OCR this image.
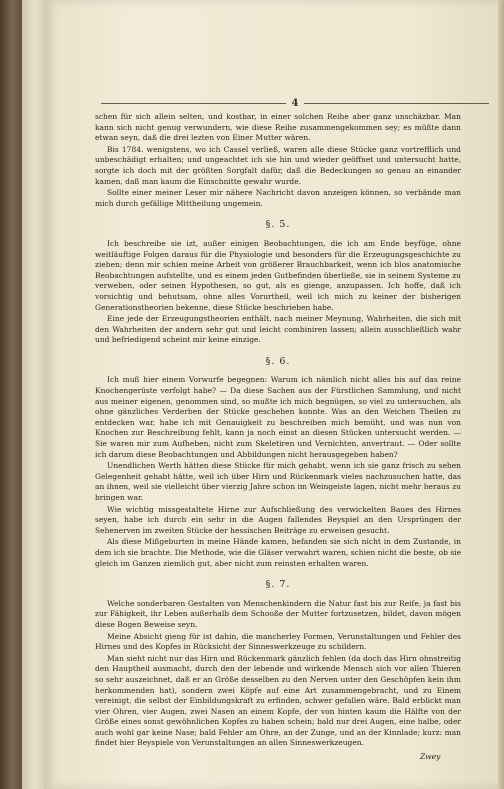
4

schen für sich allein selten, und kostbar, in einer solchen Reihe aber ganz unschäzbar. Man kann sich nicht genug verwundern, wie diese Reihe zusammengekommen sey; es müßte dann etwan seyn, daß die drei lezten von Einer Mutter wären.

Bis 1784. wenigstens, wo ich Cassel verließ, waren alle diese Stücke ganz vortrefflich und unbeschädigt erhalten; und ungeachtet ich sie hin und wieder geöffnet und untersucht hatte, sorgte ich doch mit der größten Sorgfalt dafür, daß die Bedeckungen so genau an einander kamen, daß man kaum die Einschnitte gewahr wurde.

Sollte einer meiner Leser mir nähere Nachricht davon anzeigen können, so verbände man mich durch gefällige Mittheilung ungemein.

§. 5.

Ich beschreibe sie izt, außer einigen Beobachtungen, die ich am Ende beyfüge, ohne weitläuftige Folgen daraus für die Physiologie und besonders für die Erzeugungsgeschichte zu ziehen; denn mir schien meine Arbeit von größerer Brauchbarkeit, wenn ich blos anatomische Beobachtungen aufstellte, und es einem jeden Gutbefinden überließe, sie in seinem Systeme zu verweben, oder seinen Hypothesen, so gut, als es gienge, anzupassen. Ich hoffe, daß ich vorsichtig und behutsam, ohne alles Vorurtheil, weil ich mich zu keiner der bisherigen Generationstheorien bekenne, diese Stücke beschrieben habe.

Eine jede der Erzeugungstheorien enthält, nach meiner Meynung, Wahrheiten, die sich mit den Wahrheiten der andern sehr gut und leicht combiniren lassen; allein ausschließlich wahr und befriedigend scheint mir keine einzige.

§. 6.

Ich muß hier einem Vorwurfe begegnen: Warum ich nämlich nicht alles bis auf das reine Knochengerüste verfolgt habe? — Da diese Sachen aus der Fürstlichen Sammlung, und nicht aus meiner eigenen, genommen sind, so mußte ich mich begnügen, so viel zu untersuchen, als ohne gänzliches Verderben der Stücke geschehen konnte. Was an den Weichen Theilen zu entdecken war, habe ich mit Genauigkeit zu beschreiben mich bemüht, und was nun von Knochen zur Beschreibung fehlt, kann ja noch einst an diesen Stücken untersucht werden. — Sie waren mir zum Aufheben, nicht zum Skeletiren und Vernichten, anvertraut. — Oder sollte ich darum diese Beobachtungen und Abbildungen nicht herausgegeben haben?

Unendlichen Werth hätten diese Stücke für mich gehabt, wenn ich sie ganz frisch zu sehen Gelegenheit gehabt hätte, weil ich über Hirn und Rückenmark vieles nachzusuchen hatte, das an ihnen, weil sie vielleicht über vierzig Jahre schon im Weingeiste lagen, nicht mehr heraus zu bringen war.

Wie wichtig missgestaltete Hirne zur Aufschließung des verwickelten Baues des Hirnes seyen, habe ich durch ein sehr in die Augen fallendes Beyspiel an den Ursprüngen der Sehenerven im zweiten Stücke der hessischen Beiträge zu erweisen gesucht.

Als diese Mißgeburten in meine Hände kamen, befanden sie sich nicht in dem Zustande, in dem ich sie brachte. Die Methode, wie die Gläser verwahrt waren, schien nicht die beste, ob sie gleich im Ganzen ziemlich gut, aber nicht zum reinsten erhalten waren.

§. 7.

Welche sonderbaren Gestalten von Menschenkindern die Natur fast bis zur Reife, ja fast bis zur Fähigkeit, ihr Leben außerhalb dem Schooße der Mutter fortzusetzen, bildet, davon mögen diese Bogen Beweise seyn.

Meine Absicht gieng für ist dahin, die mancherley Formen, Verunstaltungen und Fehler des Hirnes und des Kopfes in Rücksicht der Sinneswerkzeuge zu schildern.

Man sieht nicht nur das Hirn und Rückenmark gänzlich fehlen (da doch das Hirn ohnstreitig den Hauptheil ausmacht, durch den der lebende und wirkende Mensch sich vor allen Thieren so sehr auszeichnet, daß er an Größe desselben zu den Nerven unter den Geschöpfen kein ihm herkommenden hat), sondern zwei Köpfe auf eine Art zusammengebracht, und zu Einem vereinigt, die selbst der Einbildungskraft zu erfinden, schwer gefallen wäre. Bald erblickt man vier Ohren, vier Augen, zwei Nasen an einem Kopfe, der von hinten kaum die Hälfte von der Größe eines sonst gewöhnlichen Kopfes zu haben schein; bald nur drei Augen, eine halbe, oder auch wohl gar keine Nase; bald Fehler am Ohre, an der Zunge, und an der Kinnlade; kurz: man findet hier Beyspiele von Verunstaltungen an allen Sinneswerkzeugen.

Zwey
